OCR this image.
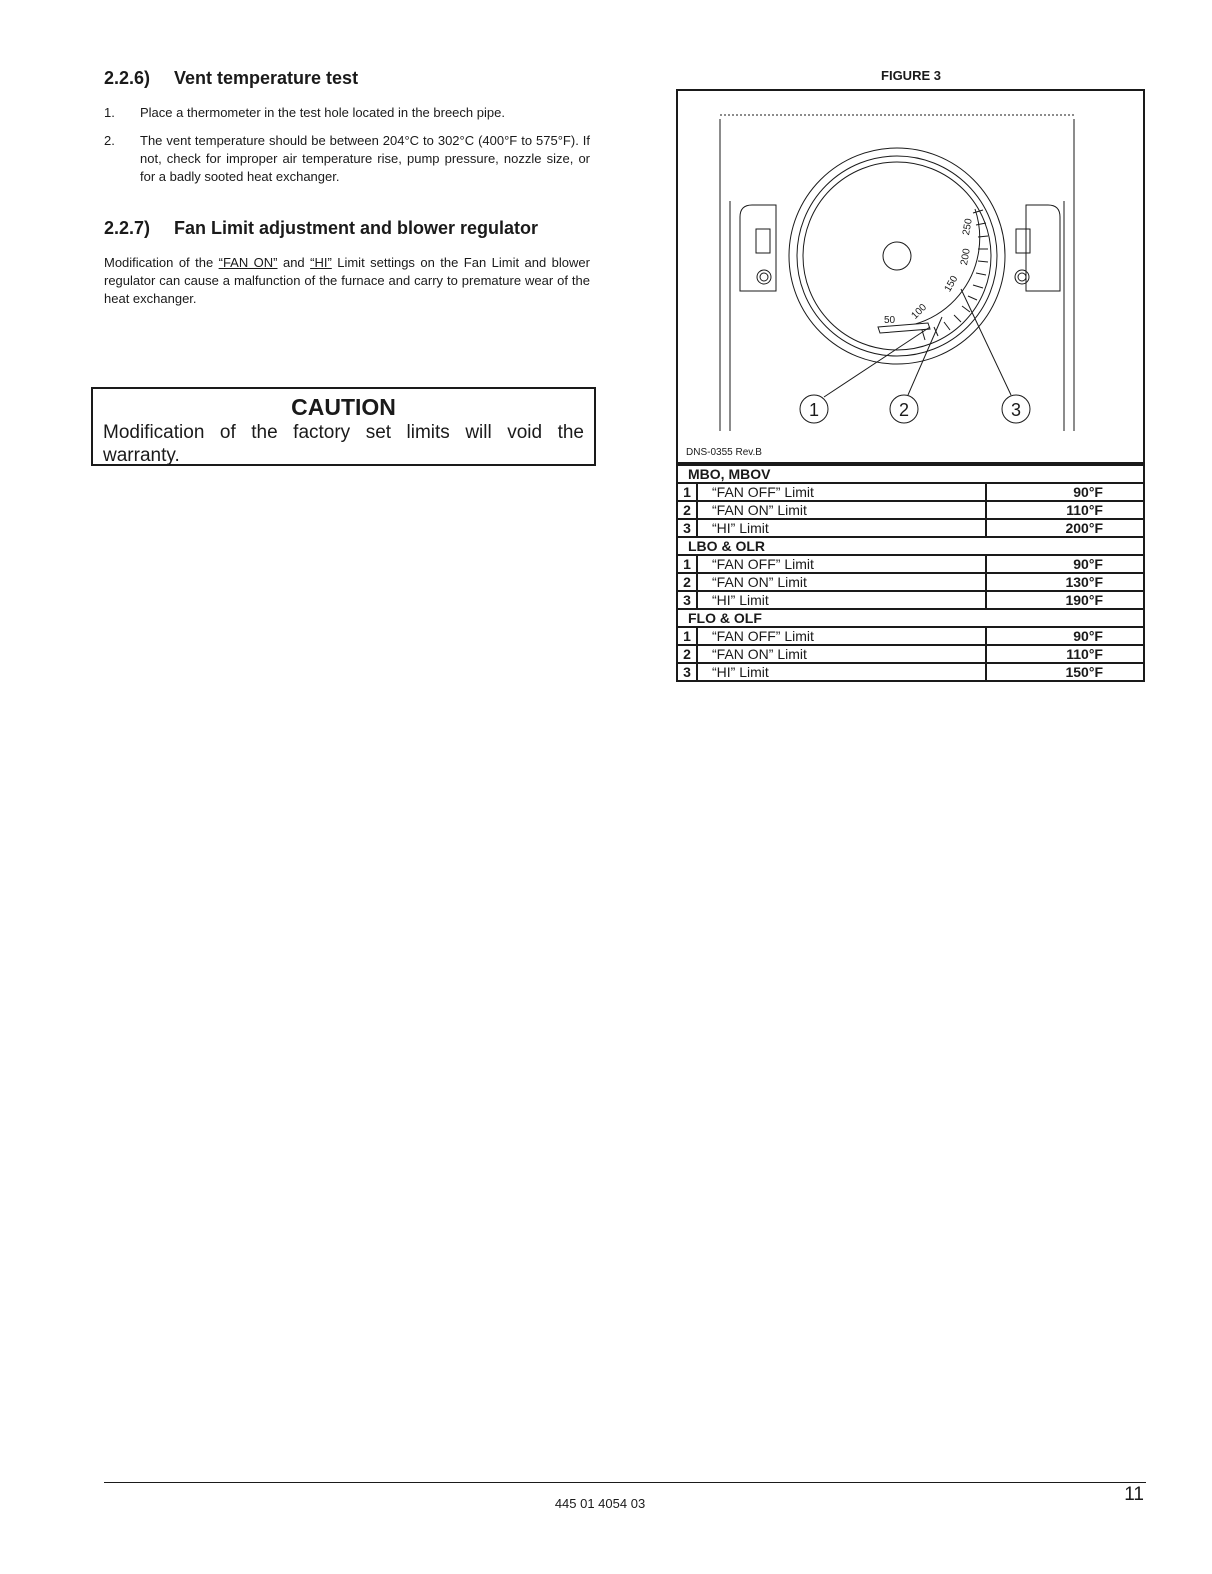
2.2.6) Vent temperature test
1. Place a thermometer in the test hole located in the breech pipe.
2. The vent temperature should be between 204°C to 302°C (400°F to 575°F). If not, check for improper air temperature rise, pump pressure, nozzle size, or for a badly sooted heat exchanger.
2.2.7) Fan Limit adjustment and blower regulator

Modification of the “FAN ON” and “HI” Limit settings on the Fan Limit and blower regulator can cause a malfunction of the furnace and carry to premature wear of the heat exchanger.

CAUTION
Modification of the factory set limits will void the warranty.
FIGURE 3
50 100
150
200
250
1	2	3
DNS-0355 Rev.B
MBO, MBOV		
1	“FAN OFF” Limit	90°F
2	“FAN ON” Limit	110°F
3	“HI” Limit	200°F
LBO & OLR		
1	“FAN OFF” Limit	90°F
2	“FAN ON” Limit	130°F
3	“HI” Limit	190°F
FLO & OLF		
1	“FAN OFF” Limit	90°F
2	“FAN ON” Limit	110°F
3	“HI” Limit	150°F
445 01 4054 03	11
